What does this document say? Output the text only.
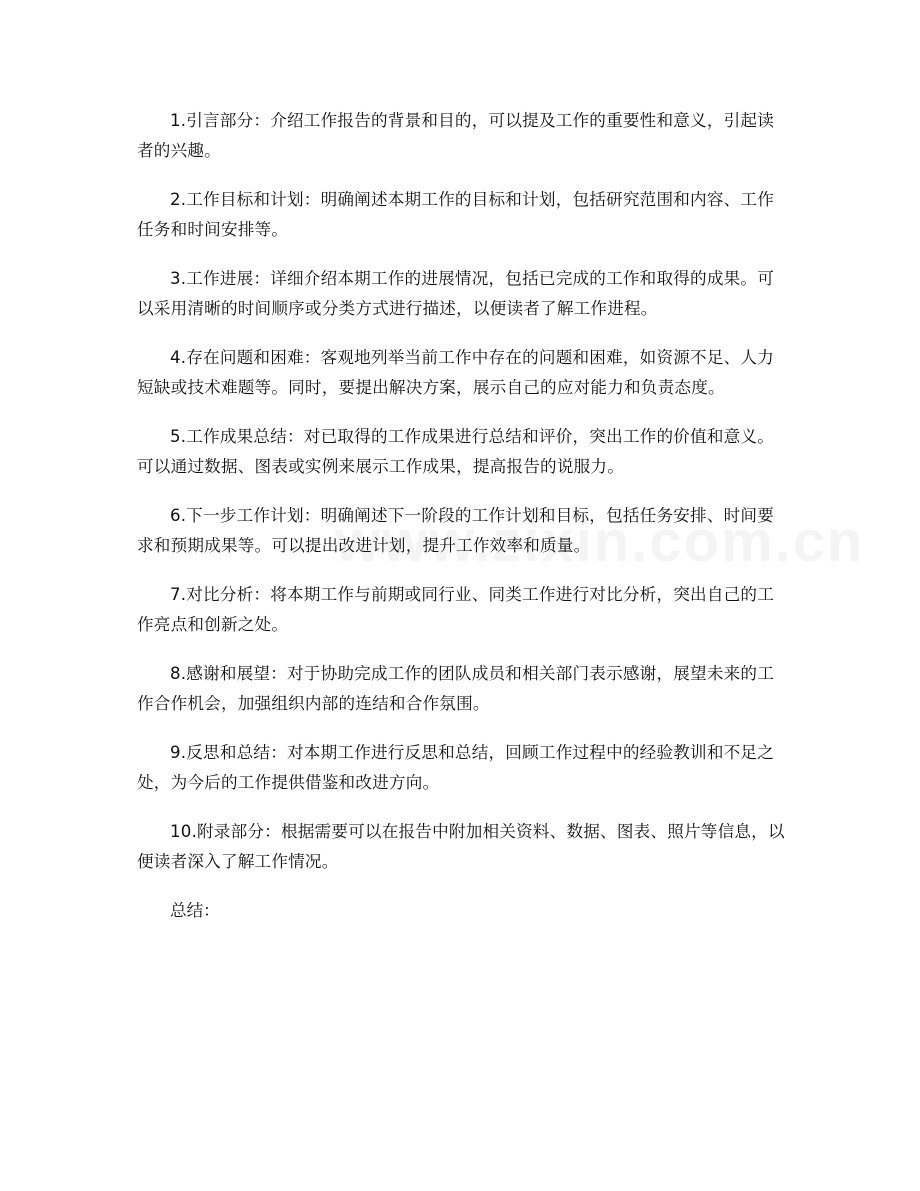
1.引言部分：介绍工作报告的背景和目的，可以提及工作的重要性和意义，引起读者的兴趣。

2.工作目标和计划：明确阐述本期工作的目标和计划，包括研究范围和内容、工作任务和时间安排等。

3.工作进展：详细介绍本期工作的进展情况，包括已完成的工作和取得的成果。可以采用清晰的时间顺序或分类方式进行描述，以便读者了解工作进程。

4.存在问题和困难：客观地列举当前工作中存在的问题和困难，如资源不足、人力短缺或技术难题等。同时，要提出解决方案，展示自己的应对能力和负责态度。

5.工作成果总结：对已取得的工作成果进行总结和评价，突出工作的价值和意义。可以通过数据、图表或实例来展示工作成果，提高报告的说服力。

6.下一步工作计划：明确阐述下一阶段的工作计划和目标，包括任务安排、时间要求和预期成果等。可以提出改进计划，提升工作效率和质量。

7.对比分析：将本期工作与前期或同行业、同类工作进行对比分析，突出自己的工作亮点和创新之处。

8.感谢和展望：对于协助完成工作的团队成员和相关部门表示感谢，展望未来的工作合作机会，加强组织内部的连结和合作氛围。

9.反思和总结：对本期工作进行反思和总结，回顾工作过程中的经验教训和不足之处，为今后的工作提供借鉴和改进方向。

10.附录部分：根据需要可以在报告中附加相关资料、数据、图表、照片等信息，以便读者深入了解工作情况。

总结：
